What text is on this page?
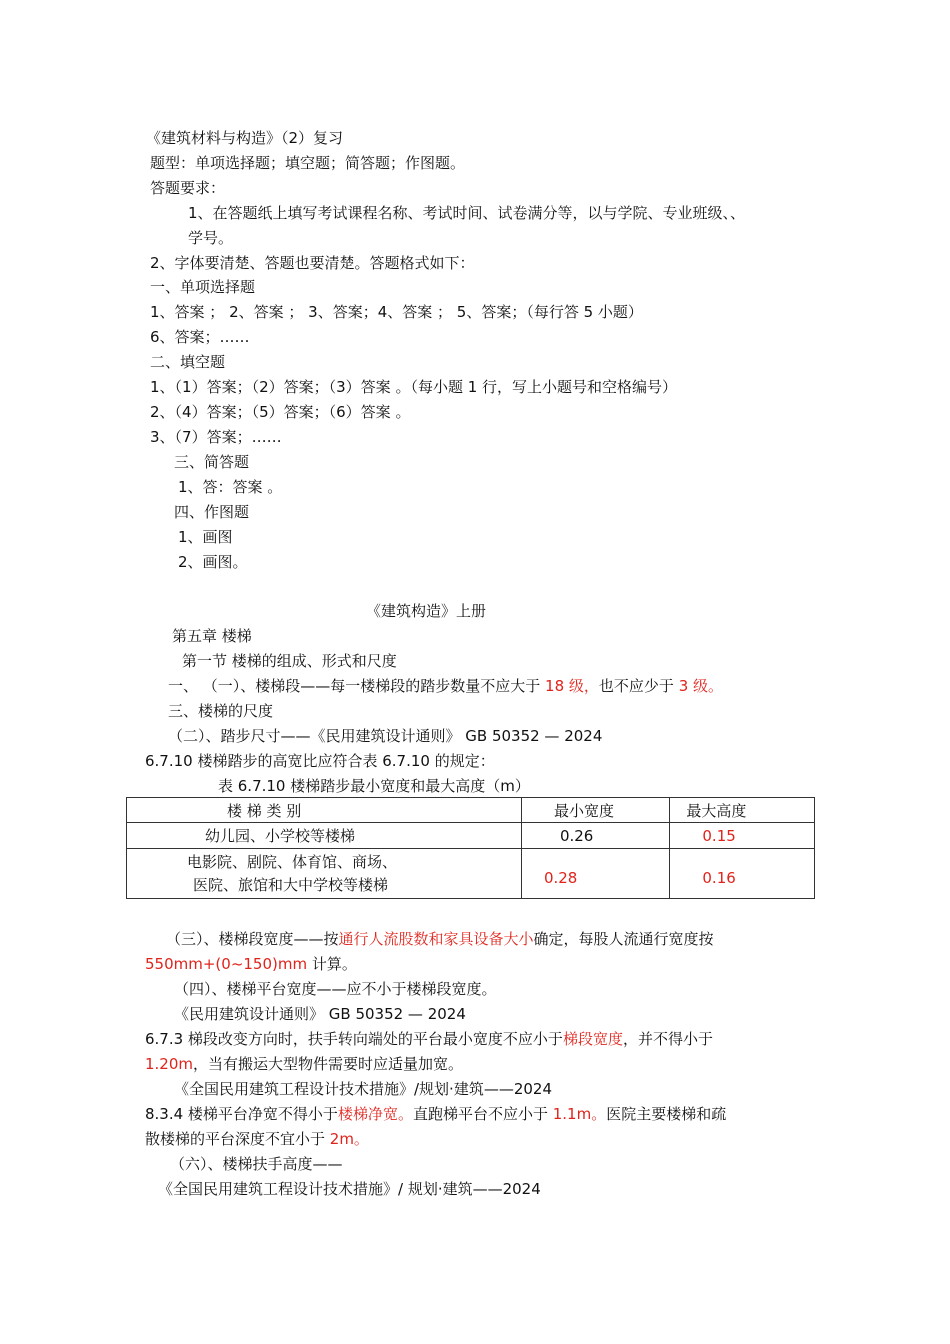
《建筑材料与构造》（2）复习
题型：单项选择题；填空题；简答题；作图题。
答题要求：
1、在答题纸上填写考试课程名称、考试时间、试卷满分等，以与学院、专业班级、、
学号。
2、字体要清楚、答题也要清楚。答题格式如下：
一、单项选择题
1、答案 ； 2、答案 ； 3、答案；4、答案 ； 5、答案；（每行答 5 小题）
6、答案；……
二、填空题
1、（1）答案；（2）答案；（3）答案 。（每小题 1 行，写上小题号和空格编号）
2、（4）答案；（5）答案；（6）答案 。
3、（7）答案；……
三、简答题
1、答：答案 。
四、作图题
1、画图
2、画图。
《建筑构造》上册
第五章 楼梯
第一节 楼梯的组成、形式和尺度
一、 （一）、楼梯段——每一楼梯段的踏步数量不应大于 18 级，也不应少于 3 级。
三、楼梯的尺度
（二）、踏步尺寸——《民用建筑设计通则》 GB 50352 — 2024
6.7.10 楼梯踏步的高宽比应符合表 6.7.10 的规定：
表 6.7.10 楼梯踏步最小宽度和最大高度（m）
楼 梯 类 别	最小宽度	最大高度
幼儿园、小学校等楼梯	0.26	0.15

电影院、剧院、体育馆、商场、
医院、旅馆和大中学校等楼梯	0.28	0.16
（三）、楼梯段宽度——按通行人流股数和家具设备大小确定，每股人流通行宽度按
550mm+(0~150)mm 计算。
（四）、楼梯平台宽度——应不小于楼梯段宽度。
《民用建筑设计通则》 GB 50352 — 2024
6.7.3 梯段改变方向时，扶手转向端处的平台最小宽度不应小于梯段宽度，并不得小于
1.20m，当有搬运大型物件需要时应适量加宽。
《全国民用建筑工程设计技术措施》/规划·建筑——2024
8.3.4 楼梯平台净宽不得小于楼梯净宽。直跑梯平台不应小于 1.1m。医院主要楼梯和疏
散楼梯的平台深度不宜小于 2m。
（六）、楼梯扶手高度——
《全国民用建筑工程设计技术措施》/ 规划·建筑——2024
